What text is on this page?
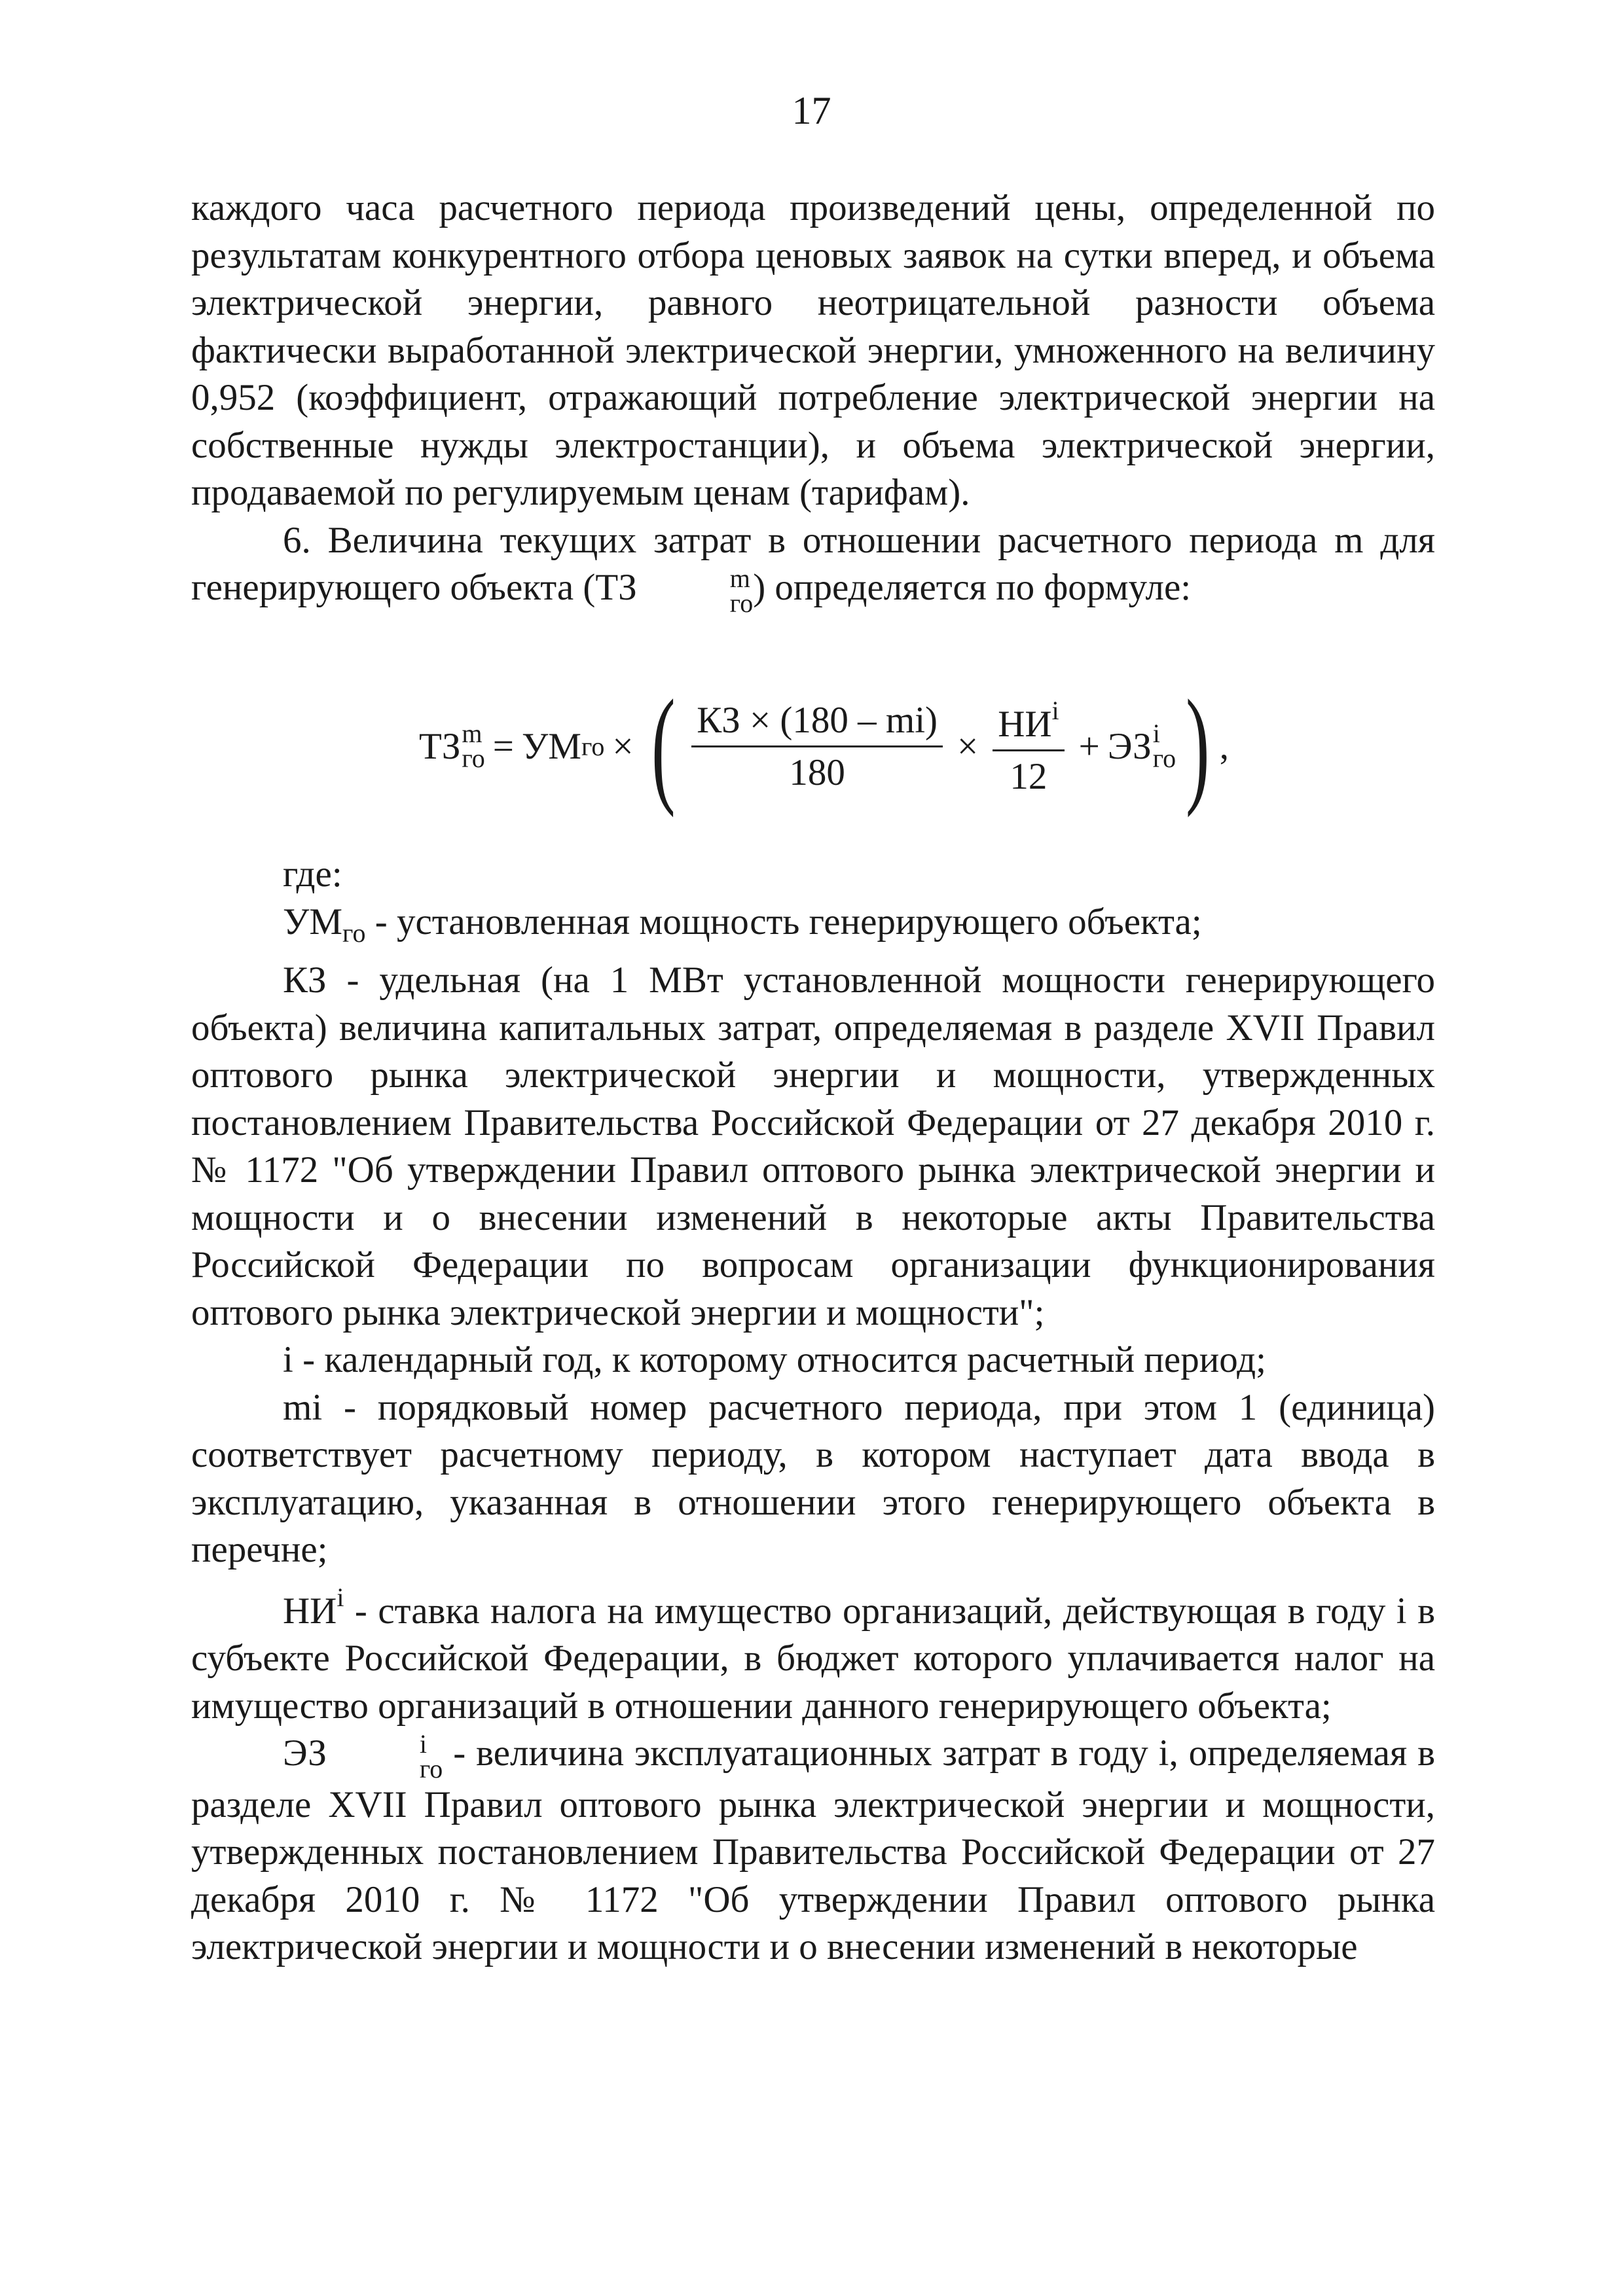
17

каждого часа расчетного периода произведений цены, определенной по результатам конкурентного отбора ценовых заявок на сутки вперед, и объема электрической энергии, равного неотрицательной разности объема фактически выработанной электрической энергии, умноженного на величину 0,952 (коэффициент, отражающий потребление электрической энергии на собственные нужды электростанции), и объема электрической энергии, продаваемой по регулируемым ценам (тарифам).

6. Величина текущих затрат в отношении расчетного периода m для генерирующего объекта (ТЗ	m
го ) определяется по формуле:

ТЗ m
го = УМ го × ( $\frac{КЗ \times (180 - mi)}{180} \times \frac{НИ^i}{12}$ + ЭЗ i
го ) ,

где:

$УМ_{го}$ - установленная мощность генерирующего объекта;

КЗ - удельная (на 1 МВт установленной мощности генерирующего объекта) величина капитальных затрат, определяемая в разделе XVII Правил оптового рынка электрической энергии и мощности, утвержденных постановлением Правительства Российской Федерации от 27 декабря 2010 г. № 1172 "Об утверждении Правил оптового рынка электрической энергии и мощности и о внесении изменений в некоторые акты Правительства Российской Федерации по вопросам организации функционирования оптового рынка электрической энергии и мощности";

i - календарный год, к которому относится расчетный период;

mi - порядковый номер расчетного периода, при этом 1 (единица) соответствует расчетному периоду, в котором наступает дата ввода в эксплуатацию, указанная в отношении этого генерирующего объекта в перечне;

$НИ^i$ - ставка налога на имущество организаций, действующая в году i в субъекте Российской Федерации, в бюджет которого уплачивается налог на имущество организаций в отношении данного генерирующего объекта;

ЭЗ	i
го - величина эксплуатационных затрат в году i, определяемая в разделе XVII Правил оптового рынка электрической энергии и мощности, утвержденных постановлением Правительства Российской Федерации от 27 декабря 2010 г. № 1172 "Об утверждении Правил оптового рынка электрической энергии и мощности и о внесении изменений в некоторые
